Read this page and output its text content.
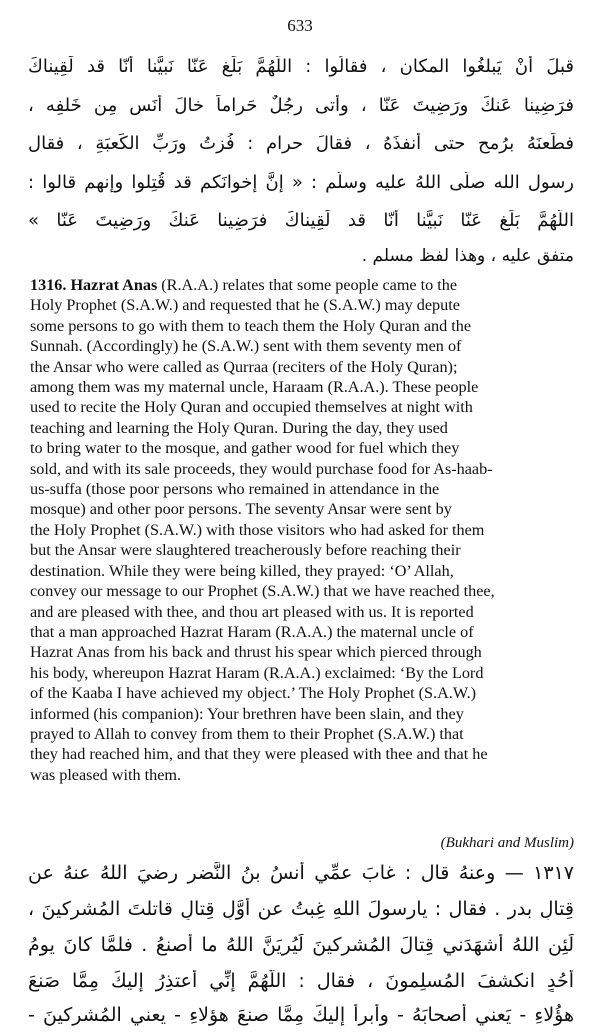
633
قبلَ أنْ يَبلغُوا المكان ، فقالُوا : اللّهُمَّ بَلِّغ عَنّا نَبيَّنا أنّا قد لَقِيناكَ
فرَضِينا عَنكَ ورَضِيتَ عَنّا ، وأتى رجُلٌ حَراماً خالَ أنَسٍ مِن خَلفِه ،
فطَعنَهُ برُمحٍ حتى أنفذَهُ ، فقالَ حرام : فُزتُ ورَبِّ الكَعبَةِ ، فقال
رسول الله صلَّى اللهُ عليه وسلَّم : « إنَّ إخوانَكم قد قُتِلوا وإنهم قالوا :
اللّهُمَّ بَلِّغ عَنّا نَبيَّنا أنّا قد لَقِيناكَ فرَضِينا عَنكَ ورَضِيتَ عَنّا »
متفق عليه ، وهذا لفظ مسلم .
1316. Hazrat Anas (R.A.A.) relates that some people came to the
Holy Prophet (S.A.W.) and requested that he (S.A.W.) may depute
some persons to go with them to teach them the Holy Quran and the
Sunnah. (Accordingly) he (S.A.W.) sent with them seventy men of
the Ansar who were called as Qurraa (reciters of the Holy Quran);
among them was my maternal uncle, Haraam (R.A.A.). These people
used to recite the Holy Quran and occupied themselves at night with
teaching and learning the Holy Quran. During the day, they used
to bring water to the mosque, and gather wood for fuel which they
sold, and with its sale proceeds, they would purchase food for As-haab-
us-suffa (those poor persons who remained in attendance in the
mosque) and other poor persons. The seventy Ansar were sent by
the Holy Prophet (S.A.W.) with those visitors who had asked for them
but the Ansar were slaughtered treacherously before reaching their
destination. While they were being killed, they prayed: ‘O’ Allah,
convey our message to our Prophet (S.A.W.) that we have reached thee,
and are pleased with thee, and thou art pleased with us. It is reported
that a man approached Hazrat Haram (R.A.A.) the maternal uncle of
Hazrat Anas from his back and thrust his spear which pierced through
his body, whereupon Hazrat Haram (R.A.A.) exclaimed: ‘By the Lord
of the Kaaba I have achieved my object.’ The Holy Prophet (S.A.W.)
informed (his companion): Your brethren have been slain, and they
prayed to Allah to convey from them to their Prophet (S.A.W.) that
they had reached him, and that they were pleased with thee and that he
was pleased with them.
(Bukhari and Muslim)
١٣١٧ — وعنهُ قال : غابَ عمِّي أنسُ بنُ النَّضرِ رضيَ اللهُ عنهُ عن
قِتالِ بدرٍ . فقال : يارسولَ اللهِ غِبتُ عن أوَّلِ قِتالٍ قاتلتَ المُشركينَ ،
لَئِنِ اللهُ أشهَدَني قِتالَ المُشركينَ لَيُرِيَنَّ اللهُ ما أصنعُ . فلمَّا كانَ يومُ
أُحُدٍ انكشفَ المُسلِمونَ ، فقال : اللّهُمَّ إنِّي أعتذِرُ إليكَ مِمَّا صَنعَ
هؤُلاءِ - يَعني أصحابَهُ - وأبرأُ إليكَ مِمَّا صنعَ هؤلاءِ - يعني المُشركينَ -
